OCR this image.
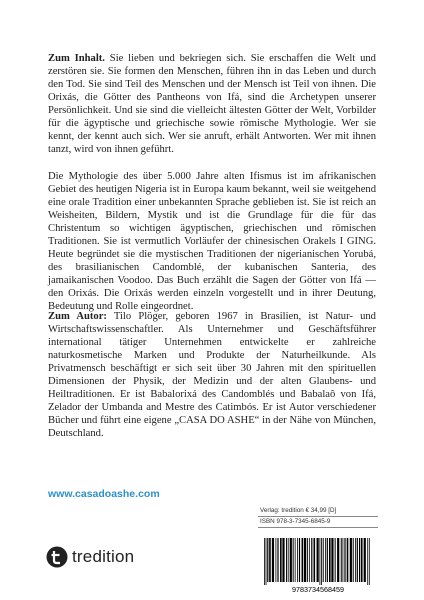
Zum Inhalt. Sie lieben und bekriegen sich. Sie erschaffen die Welt und zerstören sie. Sie formen den Menschen, führen ihn in das Leben und durch den Tod. Sie sind Teil des Menschen und der Mensch ist Teil von ihnen. Die Orixás, die Götter des Pantheons von Ifá, sind die Archetypen unserer Persönlichkeit. Und sie sind die vielleicht ältesten Götter der Welt, Vorbilder für die ägyptische und griechische sowie römische Mythologie. Wer sie kennt, der kennt auch sich. Wer sie anruft, erhält Antworten. Wer mit ihnen tanzt, wird von ihnen geführt.

Die Mythologie des über 5.000 Jahre alten Ifismus ist im afrikanischen Gebiet des heutigen Nigeria ist in Europa kaum bekannt, weil sie weitgehend eine orale Tradition einer unbekannten Sprache geblieben ist. Sie ist reich an Weisheiten, Bildern, Mystik und ist die Grundlage für die für das Christentum so wichtigen ägyptischen, griechischen und römischen Traditionen. Sie ist vermutlich Vorläufer der chinesischen Orakels I GING. Heute begründet sie die mystischen Traditionen der nigerianischen Yorubá, des brasilianischen Candomblé, der kubanischen Santeria, des jamaikanischen Voodoo. Das Buch erzählt die Sagen der Götter von Ifá — den Orixás. Die Orixás werden einzeln vorgestellt und in ihrer Deutung, Bedeutung und Rolle eingeordnet.

Zum Autor: Tilo Plöger, geboren 1967 in Brasilien, ist Natur- und Wirtschaftswissenschaftler. Als Unternehmer und Geschäftsführer international tätiger Unternehmen entwickelte er zahlreiche naturkosmetische Marken und Produkte der Naturheilkunde. Als Privatmensch beschäftigt er sich seit über 30 Jahren mit den spirituellen Dimensionen der Physik, der Medizin und der alten Glaubens- und Heiltraditionen. Er ist Babalorixá des Candomblés und Babalaô von Ifá, Zelador der Umbanda and Mestre des Catimbós. Er ist Autor verschiedener Bücher und führt eine eigene „CASA DO ASHE“ in der Nähe von München, Deutschland.

www.casadoashe.com
Verlag: tredition € 34,99 [D]
ISBN 978-3-7345-6845-9
9783734568459
tredition
